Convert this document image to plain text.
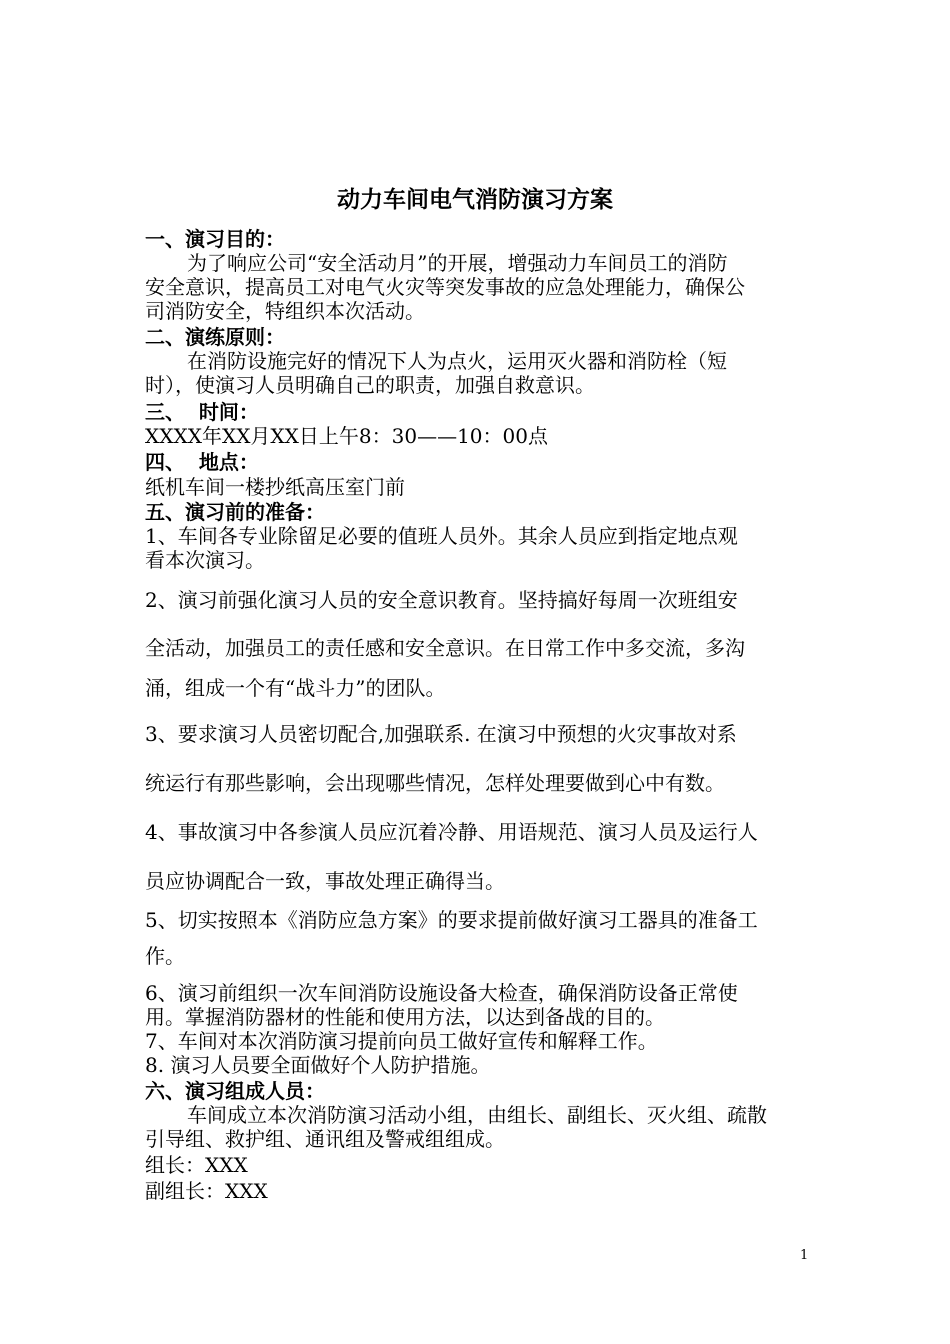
动力车间电气消防演习方案
一、演习目的：
为了响应公司“安全活动月”的开展，增强动力车间员工的消防
安全意识，提高员工对电气火灾等突发事故的应急处理能力，确保公
司消防安全，特组织本次活动。
二、演练原则：
在消防设施完好的情况下人为点火，运用灭火器和消防栓（短
时），使演习人员明确自己的职责，加强自救意识。
三、  时间：
XXXX年XX月XX日上午8：30——10：00点
四、  地点：
纸机车间一楼抄纸高压室门前
五、演习前的准备：
1、车间各专业除留足必要的值班人员外。其余人员应到指定地点观
看本次演习。
2、演习前强化演习人员的安全意识教育。坚持搞好每周一次班组安
全活动，加强员工的责任感和安全意识。在日常工作中多交流，多沟
涌，组成一个有“战斗力”的团队。
3、要求演习人员密切配合,加强联系. 在演习中预想的火灾事故对系
统运行有那些影响，会出现哪些情况，怎样处理要做到心中有数。
4、事故演习中各参演人员应沉着冷静、用语规范、演习人员及运行人
员应协调配合一致，事故处理正确得当。
5、切实按照本《消防应急方案》的要求提前做好演习工器具的准备工
作。
6、演习前组织一次车间消防设施设备大检查，确保消防设备正常使
用。掌握消防器材的性能和使用方法，以达到备战的目的。
7、车间对本次消防演习提前向员工做好宣传和解释工作。
8. 演习人员要全面做好个人防护措施。
六、演习组成人员：
车间成立本次消防演习活动小组，由组长、副组长、灭火组、疏散
引导组、救护组、通讯组及警戒组组成。
组长：XXX
副组长：XXX
1
